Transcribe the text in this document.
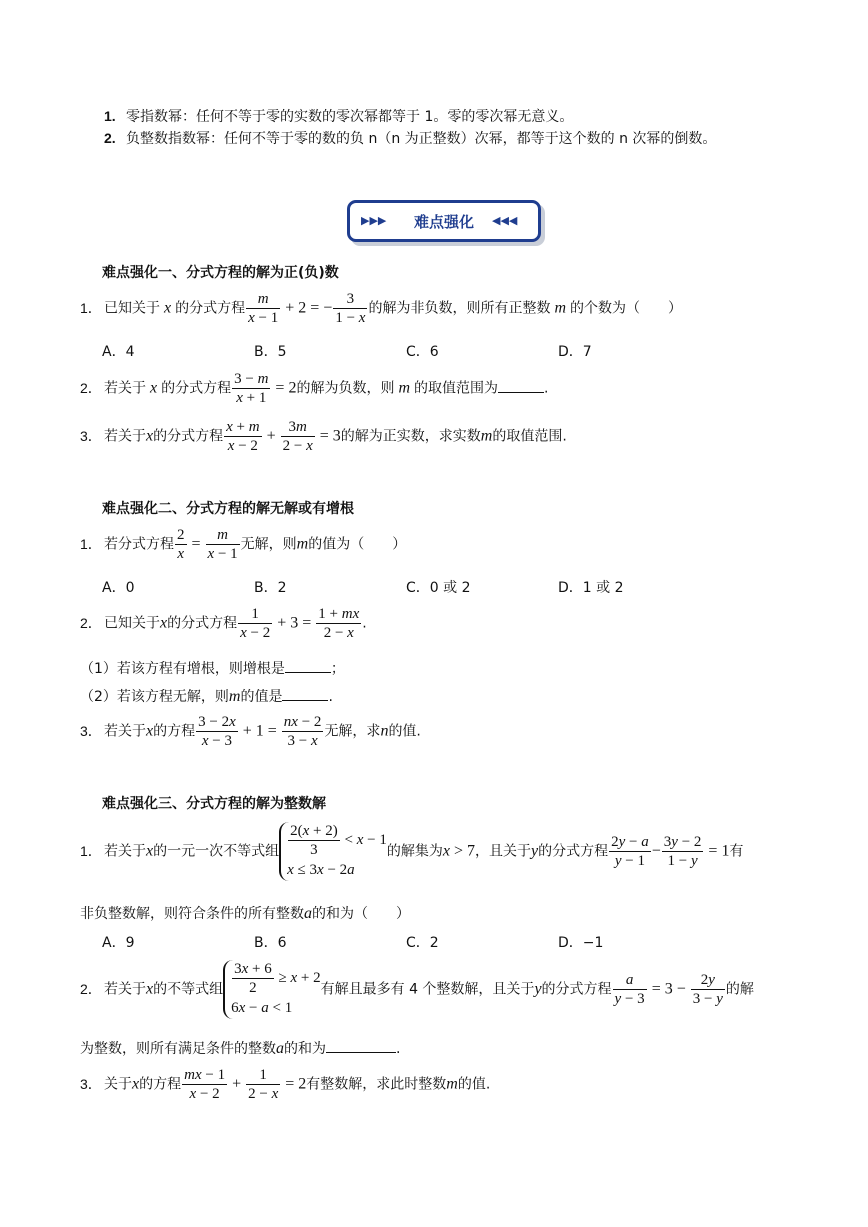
1. 零指数幂：任何不等于零的实数的零次幂都等于 1。零的零次幂无意义。
2. 负整数指数幂：任何不等于零的数的负 n（n 为正整数）次幂，都等于这个数的 n 次幂的倒数。
▶▶▶	难点强化	◀◀◀
难点强化一、分式方程的解为正(负)数
1． 已知关于 x 的分式方程 $\frac{m}{x - 1} + 2$ = − $\frac{3}{1 - x}$ 的解为非负数，则所有正整数 m 的个数为（　　）
A．4	B．5	C．6	D．7
2． 若关于 x 的分式方程 $\frac{3 - m}{x + 1} = 2$的解为负数，则 m 的取值范围为	.
3． 若关于x的分式方程 $\frac{x + m}{x - 2} + \frac{3m}{2 - x} = 3$的解为正实数，求实数m的取值范围.
难点强化二、分式方程的解无解或有增根
1． 若分式方程 $\frac{2}{x} = \frac{m}{x - 1}$ 无解，则m的值为（　　）
A．0	B．2	C．0 或 2	D．1 或 2
2． 已知关于x的分式方程 $\frac{1}{x - 2} + 3 = \frac{1 + mx}{2 - x}$ .
（1）若该方程有增根，则增根是	；
（2）若该方程无解，则m的值是	.
3． 若关于x的方程 $\frac{3 - 2x}{x - 3} + 1 = \frac{nx - 2}{3 - x}$ 无解，求n的值.
难点强化三、分式方程的解为整数解
1． 若关于x的一元一次不等式组 $\frac{2(x + 2)}{3} < x - 1$
x ≤ 3x − 2a
的解集为x > 7，且关于y的分式方程 $\frac{2y - a}{y - 1} - \frac{3y - 2}{1 - y} = 1$有
非负整数解，则符合条件的所有整数a的和为（　　）
A．9	B．6	C．2	D．−1
2． 若关于x的不等式组 $\frac{3x + 6}{2} \ge x + 2$
6x − a < 1
有解且最多有 4 个整数解，且关于y的分式方程 $\frac{a}{y - 3} = 3 - \frac{2y}{3 - y}$ 的解
为整数，则所有满足条件的整数a的和为	.
3． 关于x的方程 $\frac{mx - 1}{x - 2} + \frac{1}{2 - x} = 2$有整数解，求此时整数m的值.
